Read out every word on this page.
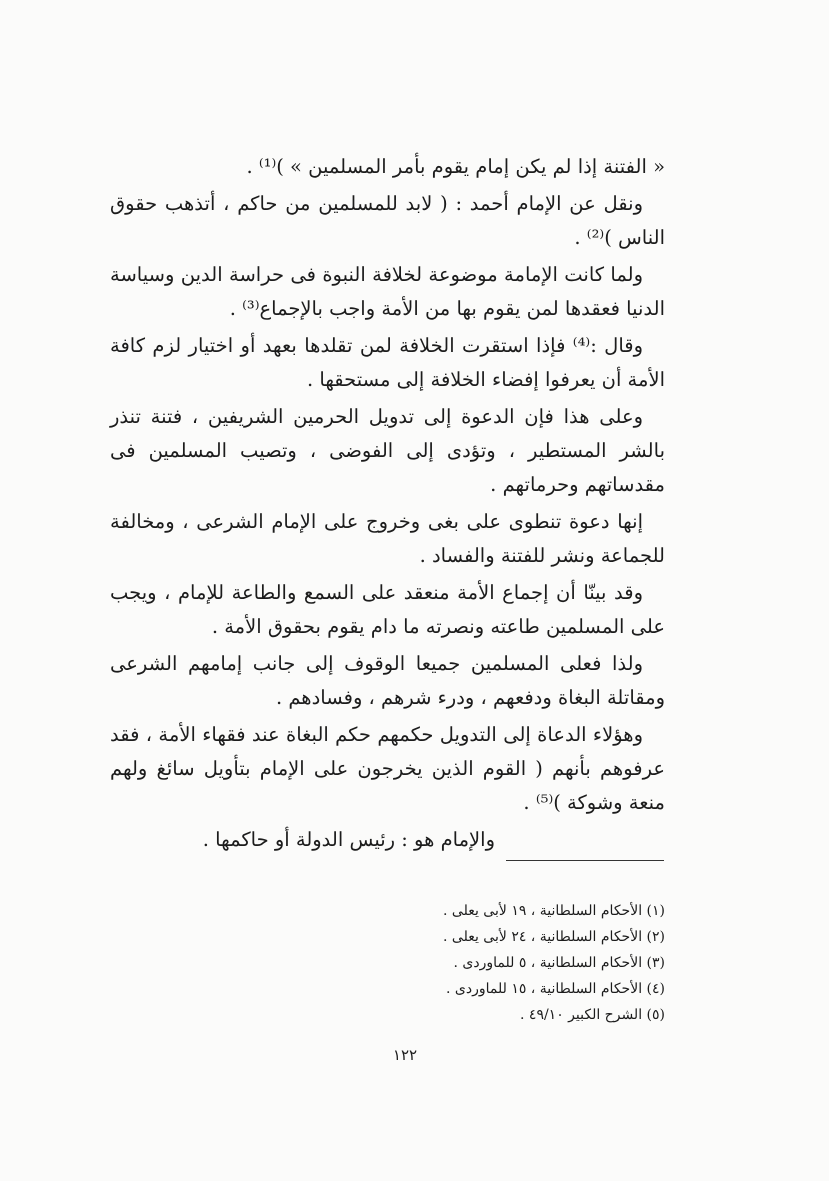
« الفتنة إذا لم يكن إمام يقوم بأمر المسلمين » )⁽¹⁾ .

ونقل عن الإمام أحمد : ( لابد للمسلمين من حاكم ، أتذهب حقوق الناس )⁽²⁾ .

ولما كانت الإمامة موضوعة لخلافة النبوة فى حراسة الدين وسياسة الدنيا فعقدها لمن يقوم بها من الأمة واجب بالإجماع⁽³⁾ .

وقال :⁽⁴⁾ فإذا استقرت الخلافة لمن تقلدها بعهد أو اختيار لزم كافة الأمة أن يعرفوا إفضاء الخلافة إلى مستحقها .

وعلى هذا فإن الدعوة إلى تدويل الحرمين الشريفين ، فتنة تنذر بالشر المستطير ، وتؤدى إلى الفوضى ، وتصيب المسلمين فى مقدساتهم وحرماتهم .

إنها دعوة تنطوى على بغى وخروج على الإمام الشرعى ، ومخالفة للجماعة ونشر للفتنة والفساد .

وقد بينّا أن إجماع الأمة منعقد على السمع والطاعة للإمام ، ويجب على المسلمين طاعته ونصرته ما دام يقوم بحقوق الأمة .

ولذا فعلى المسلمين جميعا الوقوف إلى جانب إمامهم الشرعى ومقاتلة البغاة ودفعهم ، ودرء شرهم ، وفسادهم .

وهؤلاء الدعاة إلى التدويل حكمهم حكم البغاة عند فقهاء الأمة ، فقد عرفوهم بأنهم ( القوم الذين يخرجون على الإمام بتأويل سائغ ولهم منعة وشوكة )⁽⁵⁾ .

والإمام هو : رئيس الدولة أو حاكمها .

(١) الأحكام السلطانية ، ١٩ لأبى يعلى .
(٢) الأحكام السلطانية ، ٢٤ لأبى يعلى .
(٣) الأحكام السلطانية ، ٥ للماوردى .
(٤) الأحكام السلطانية ، ١٥ للماوردى .
(٥) الشرح الكبير ٤٩/١٠ .
١٢٢
